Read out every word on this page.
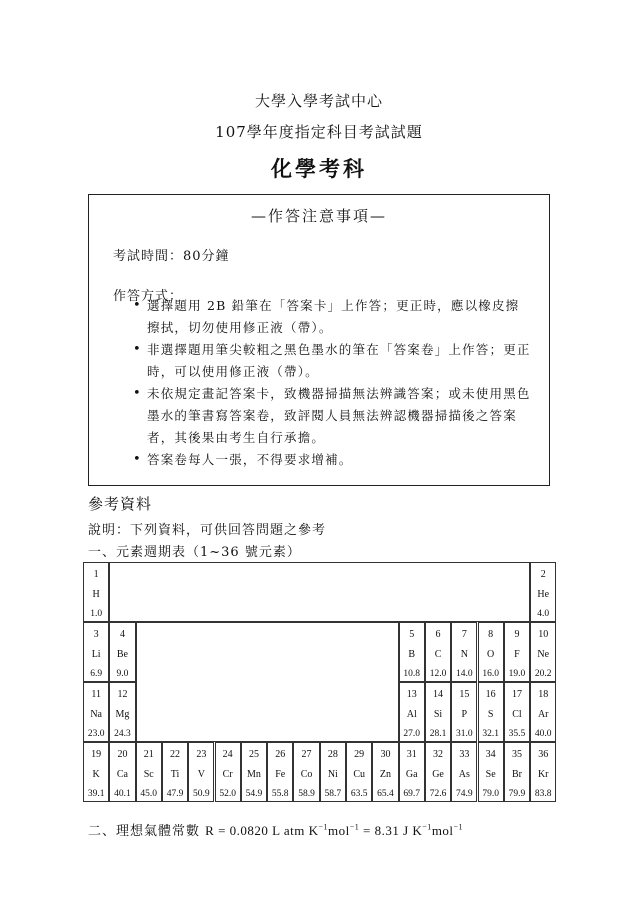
大學入學考試中心
107學年度指定科目考試試題
化學考科
—作答注意事項—
考試時間：80分鐘
作答方式：
• 選擇題用 2B 鉛筆在「答案卡」上作答；更正時，應以橡皮擦擦拭，切勿使用修正液（帶）。
• 非選擇題用筆尖較粗之黑色墨水的筆在「答案卷」上作答；更正時，可以使用修正液（帶）。
• 未依規定畫記答案卡，致機器掃描無法辨識答案；或未使用黑色墨水的筆書寫答案卷，致評閱人員無法辨認機器掃描後之答案者，其後果由考生自行承擔。
• 答案卷每人一張，不得要求增補。
參考資料
說明：下列資料，可供回答問題之參考
一、元素週期表（1~36 號元素）
1
H
1.0
2
He
4.0
3
Li
6.9
4
Be
9.0
5
B
10.8
6
C
12.0
7
N
14.0
8
O
16.0
9
F
19.0
10
Ne
20.2
11
Na
23.0
12
Mg
24.3
13
Al
27.0
14
Si
28.1
15
P
31.0
16
S
32.1
17
Cl
35.5
18
Ar
40.0
19
K
39.1
20
Ca
40.1
21
Sc
45.0
22
Ti
47.9
23
V
50.9
24
Cr
52.0
25
Mn
54.9
26
Fe
55.8
27
Co
58.9
28
Ni
58.7
29
Cu
63.5
30
Zn
65.4
31
Ga
69.7
32
Ge
72.6
33
As
74.9
34
Se
79.0
35
Br
79.9
36
Kr
83.8
二、理想氣體常數 R = 0.0820 L atm $K^{-1}mol^{-1} = 8.31$ J $K^{-1}mol^{-1}$
